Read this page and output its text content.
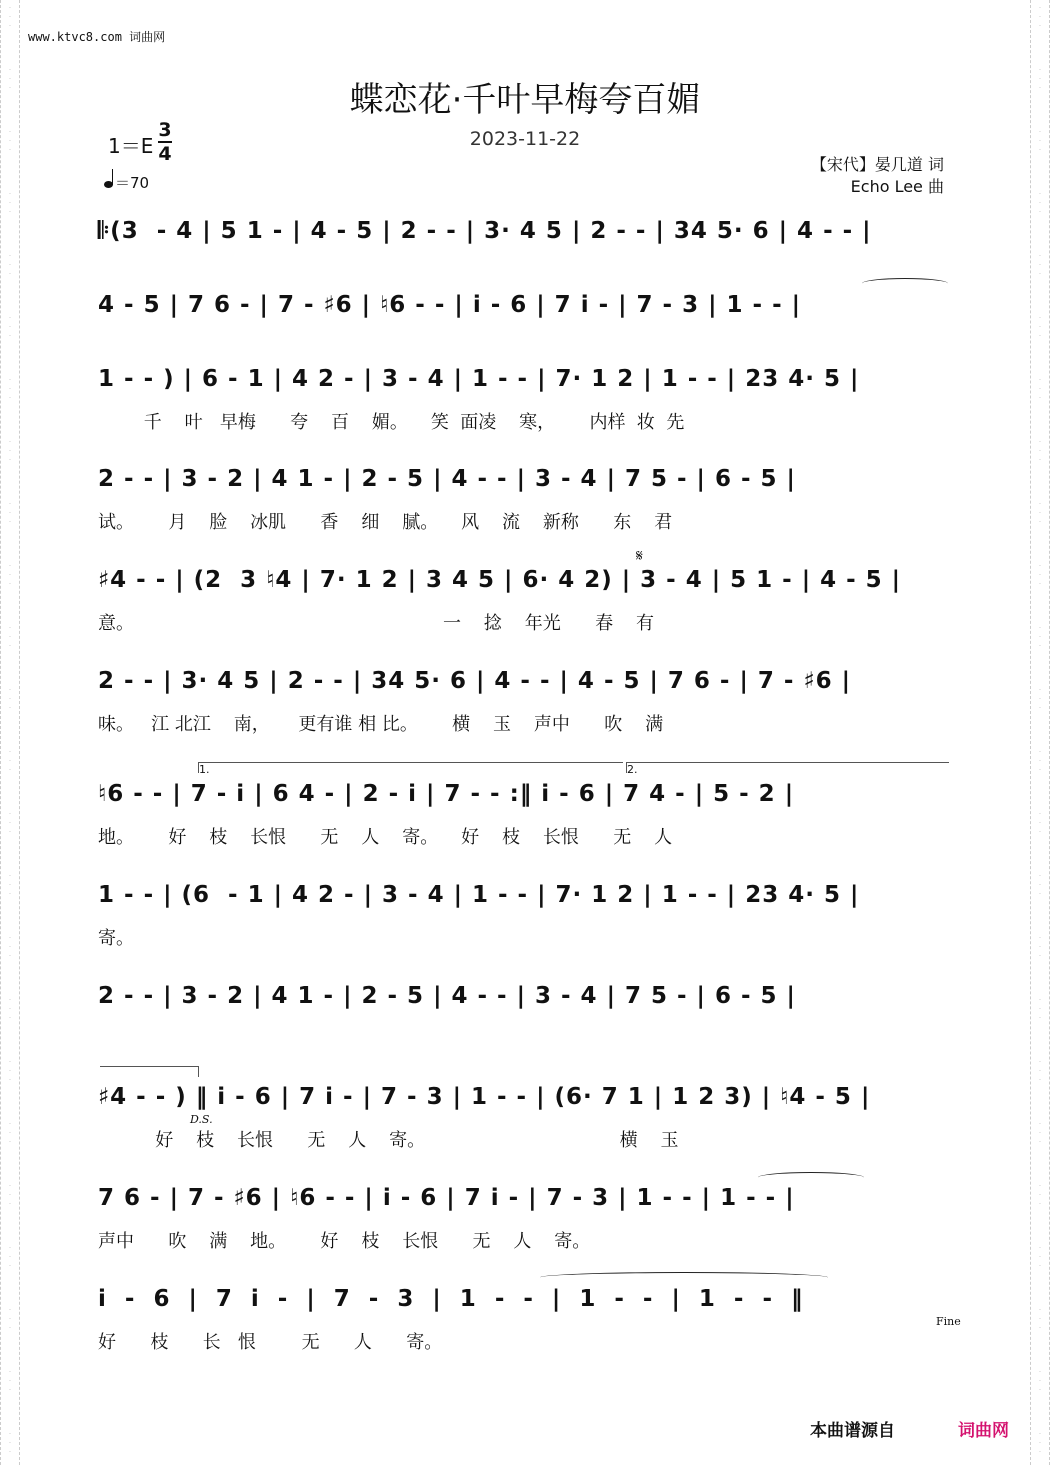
·
·
·
·
·
·
·
·
·
·
·
·
·
·
·
·
·
·
·
·
·
·
·
·
·
·
·
·
·
·
·
·
·
·
·
·
·
·
·
·
·
·
·
·
·
·
·
·
·
·
·
·
·
·
·
·
·
·
·
·
·
·
·
·
·
·
·
·
·
·
·
·
·
·
·
·
·
·
·
·
·
·
·
·
·
·
·
·
·
·
·
·
·
·
·
·
·
·
·
·
·
·
·
·
·
·
·
·
·
·
·
·
·
·
·
·
·
·
·
·
·
·
·
·
·
·
·
·
·
·
·
·
·
·
·
·
·
·
·
·
·
·
·
·
www.ktvc8.com 词曲网
蝶恋花·千叶早梅夸百媚
2023-11-22
1＝E
3
4
＝70
【宋代】晏几道 词
Echo Lee 曲
𝄆(3  - 4 | 5 1 - | 4 - 5 | 2 - - | 3· 4 5 | 2 - - | 34 5· 6 | 4 - - |
4 - 5 | 7 6 - | 7 - ♯6 | ♮6 - - | i - 6 | 7 i - | 7 - 3 | 1 - - |
1 - - ) | 6 - 1 | 4 2 - | 3 - 4 | 1 - - | 7· 1 2 | 1 - - | 23 4· 5 |
千    叶   早梅      夸    百    媚。    笑  面凌    寒，      内样  妆  先
2 - - | 3 - 2 | 4 1 - | 2 - 5 | 4 - - | 3 - 4 | 7 5 - | 6 - 5 |
试。      月    脸    冰肌      香    细    腻。    风    流    新称      东    君
𝄋
♯4 - - | (2  3 ♮4 | 7· 1 2 | 3 4 5 | 6· 4 2) | 3 - 4 | 5 1 - | 4 - 5 |
意。                                                      一    捻    年光      春    有
2 - - | 3· 4 5 | 2 - - | 34 5· 6 | 4 - - | 4 - 5 | 7 6 - | 7 - ♯6 |
味。   江 北江    南，     更有谁 相 比。      横    玉    声中      吹    满
1.	2.
♮6 - - | 7 - i | 6 4 - | 2 - i | 7 - - :‖ i - 6 | 7 4 - | 5 - 2 |
地。      好    枝    长恨      无    人    寄。    好    枝    长恨      无    人
1 - - | (6  - 1 | 4 2 - | 3 - 4 | 1 - - | 7· 1 2 | 1 - - | 23 4· 5 |
寄。
2 - - | 3 - 2 | 4 1 - | 2 - 5 | 4 - - | 3 - 4 | 7 5 - | 6 - 5 |
♯4 - - ) ‖ i - 6 | 7 i - | 7 - 3 | 1 - - | (6· 7 1 | 1 2 3) | ♮4 - 5 |
好    枝    长恨      无    人    寄。                                  横    玉
D.S.
7 6 - | 7 - ♯6 | ♮6 - - | i - 6 | 7 i - | 7 - 3 | 1 - - | 1 - - |
声中      吹    满    地。      好    枝    长恨      无    人    寄。
i  -  6  |  7  i  -  |  7  -  3  |  1  -  -  |  1  -  -  |  1  -  -  ‖
好      枝      长   恨        无      人      寄。
Fine
本曲谱源自	词曲网
